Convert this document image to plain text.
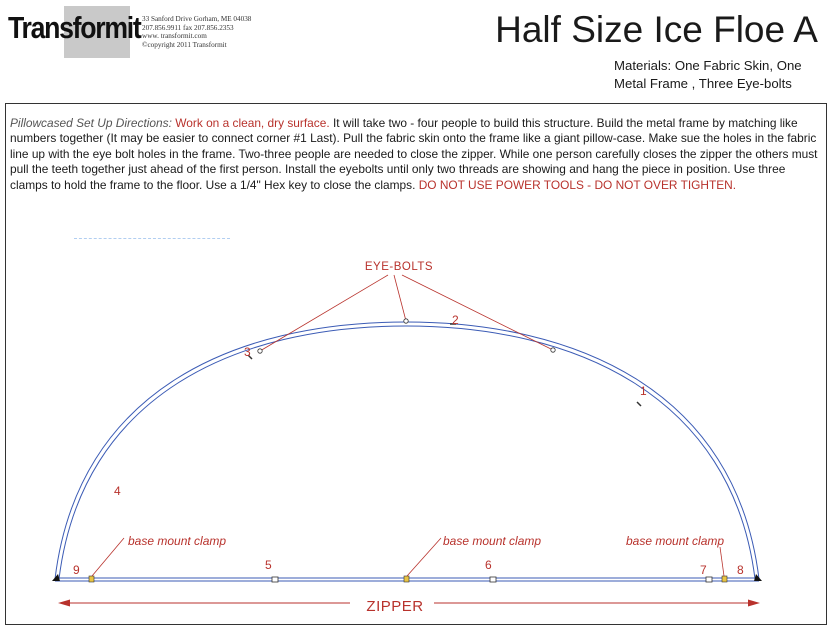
Transformit 33 Sanford Drive Gorham, ME 04038
207.856.9911 fax 207.856.2353
www. transformit.com
©copyright 2011 Transformit	Half Size Ice Floe A
Materials: One Fabric Skin, One Metal Frame , Three Eye-bolts
Pillowcased Set Up Directions: Work on a clean, dry surface. It will take two - four people to build this structure. Build the metal frame by matching like numbers together (It may be easier to connect corner #1 Last). Pull the fabric skin onto the frame like a giant pillow-case. Make sue the holes in the fabric line up with the eye bolt holes in the frame. Two-three people are needed to close the zipper. While one person carefully closes the zipper the others must pull the teeth together just ahead of the first person. Install the eyebolts until only two threads are showing and hang the piece in position. Use three clamps to hold the frame to the floor. Use a 1/4" Hex key to close the clamps. DO NOT USE POWER TOOLS - DO NOT OVER TIGHTEN.
EYE-BOLTS
1
2
3
4
5	6	7	8
9
base mount clamp	base mount clamp	base mount clamp
ZIPPER
